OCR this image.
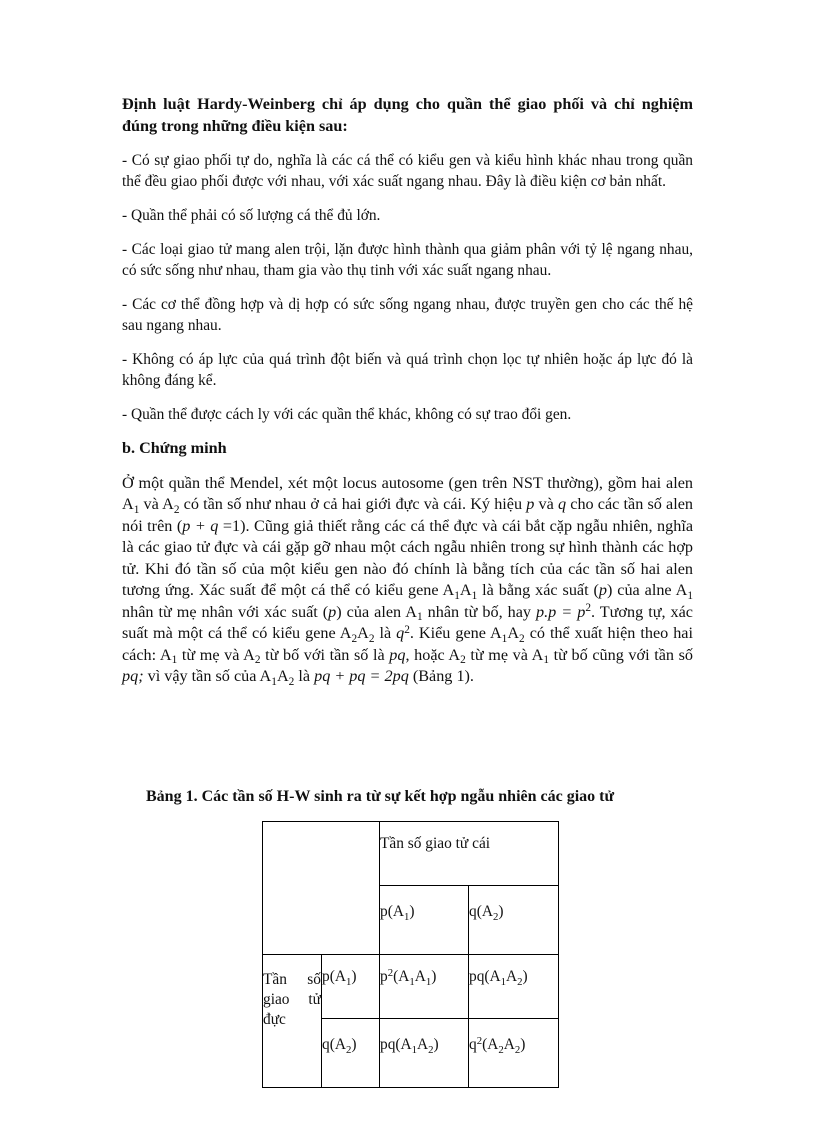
Định luật Hardy-Weinberg chỉ áp dụng cho quần thể giao phối và chỉ nghiệm đúng trong những điều kiện sau:

- Có sự giao phối tự do, nghĩa là các cá thể có kiểu gen và kiểu hình khác nhau trong quần thể đều giao phối được với nhau, với xác suất ngang nhau. Đây là điều kiện cơ bản nhất.

- Quần thể phải có số lượng cá thể đủ lớn.

- Các loại giao tử mang alen trội, lặn được hình thành qua giảm phân với tỷ lệ ngang nhau, có sức sống như nhau, tham gia vào thụ tinh với xác suất ngang nhau.

- Các cơ thể đồng hợp và dị hợp có sức sống ngang nhau, được truyền gen cho các thế hệ sau ngang nhau.

- Không có áp lực của quá trình đột biến và quá trình chọn lọc tự nhiên hoặc áp lực đó là không đáng kể.

- Quần thể được cách ly với các quần thể khác, không có sự trao đổi gen.

b. Chứng minh

Ở một quần thể Mendel, xét một locus autosome (gen trên NST thường), gồm hai alen $A_1$ và $A_2$ có tần số như nhau ở cả hai giới đực và cái. Ký hiệu p và q cho các tần số alen nói trên (p + q =1). Cũng giả thiết rằng các cá thể đực và cái bắt cặp ngẫu nhiên, nghĩa là các giao tử đực và cái gặp gỡ nhau một cách ngẫu nhiên trong sự hình thành các hợp tử. Khi đó tần số của một kiểu gen nào đó chính là bằng tích của các tần số hai alen tương ứng. Xác suất để một cá thể có kiểu gene $A_1A_1$ là bằng xác suất (p) của alne $A_1$ nhân từ mẹ nhân với xác suất (p) của alen $A_1$ nhân từ bố, hay $p.p = p^2$. Tương tự, xác suất mà một cá thể có kiểu gene $A_2A_2$ là $q^2$. Kiểu gene $A_1A_2$ có thể xuất hiện theo hai cách: $A_1$ từ mẹ và $A_2$ từ bố với tần số là pq, hoặc $A_2$ từ mẹ và $A_1$ từ bố cũng với tần số pq; vì vậy tần số của $A_1A_2$ là pq + pq = 2pq (Bảng 1).

Bảng 1. Các tần số H-W sinh ra từ sự kết hợp ngẫu nhiên các giao tử
		Tần số giao tử cái	
		$p(A_1)$	$q(A_2)$
Tần số giao tử đực	$p(A_1)$	$p^2(A_1A_1)$	$pq(A_1A_2)$
	$q(A_2)$	$pq(A_1A_2)$	$q^2(A_2A_2)$
